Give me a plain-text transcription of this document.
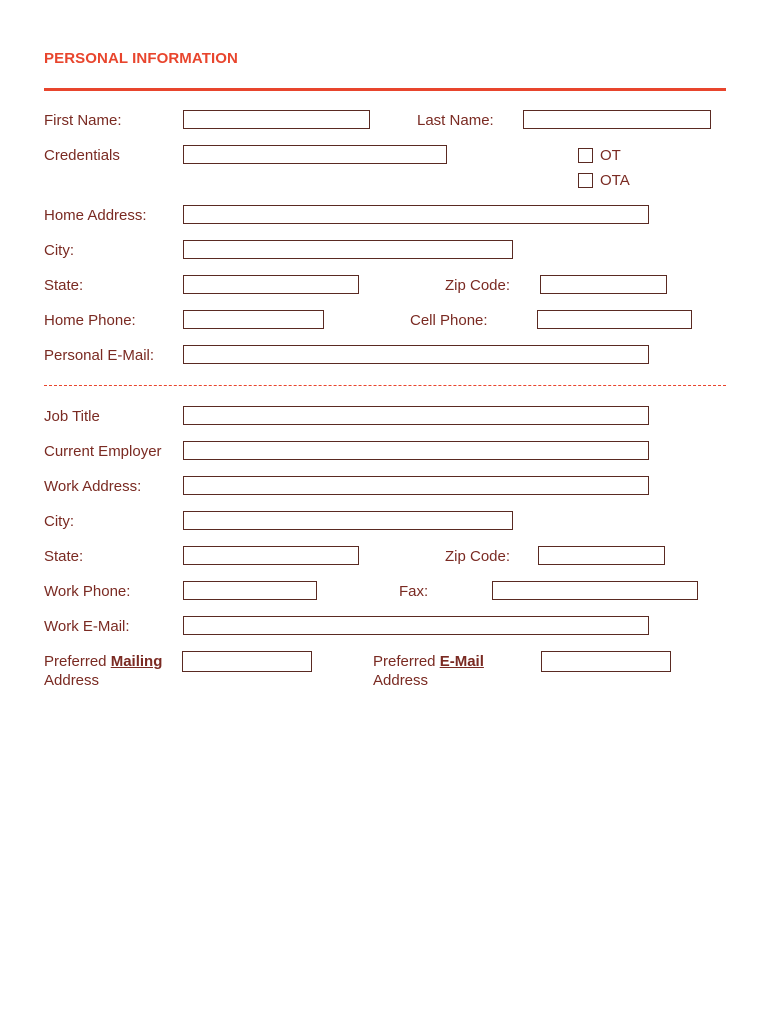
PERSONAL INFORMATION
First Name:	Last Name:
Credentials	OT
OTA
Home Address:
City:
State:	Zip Code:
Home Phone:	Cell Phone:
Personal E-Mail:
Job Title
Current Employer
Work Address:
City:
State:	Zip Code:
Work Phone:	Fax:
Work E-Mail:
Preferred Mailing
Address
Preferred E-Mail
Address
